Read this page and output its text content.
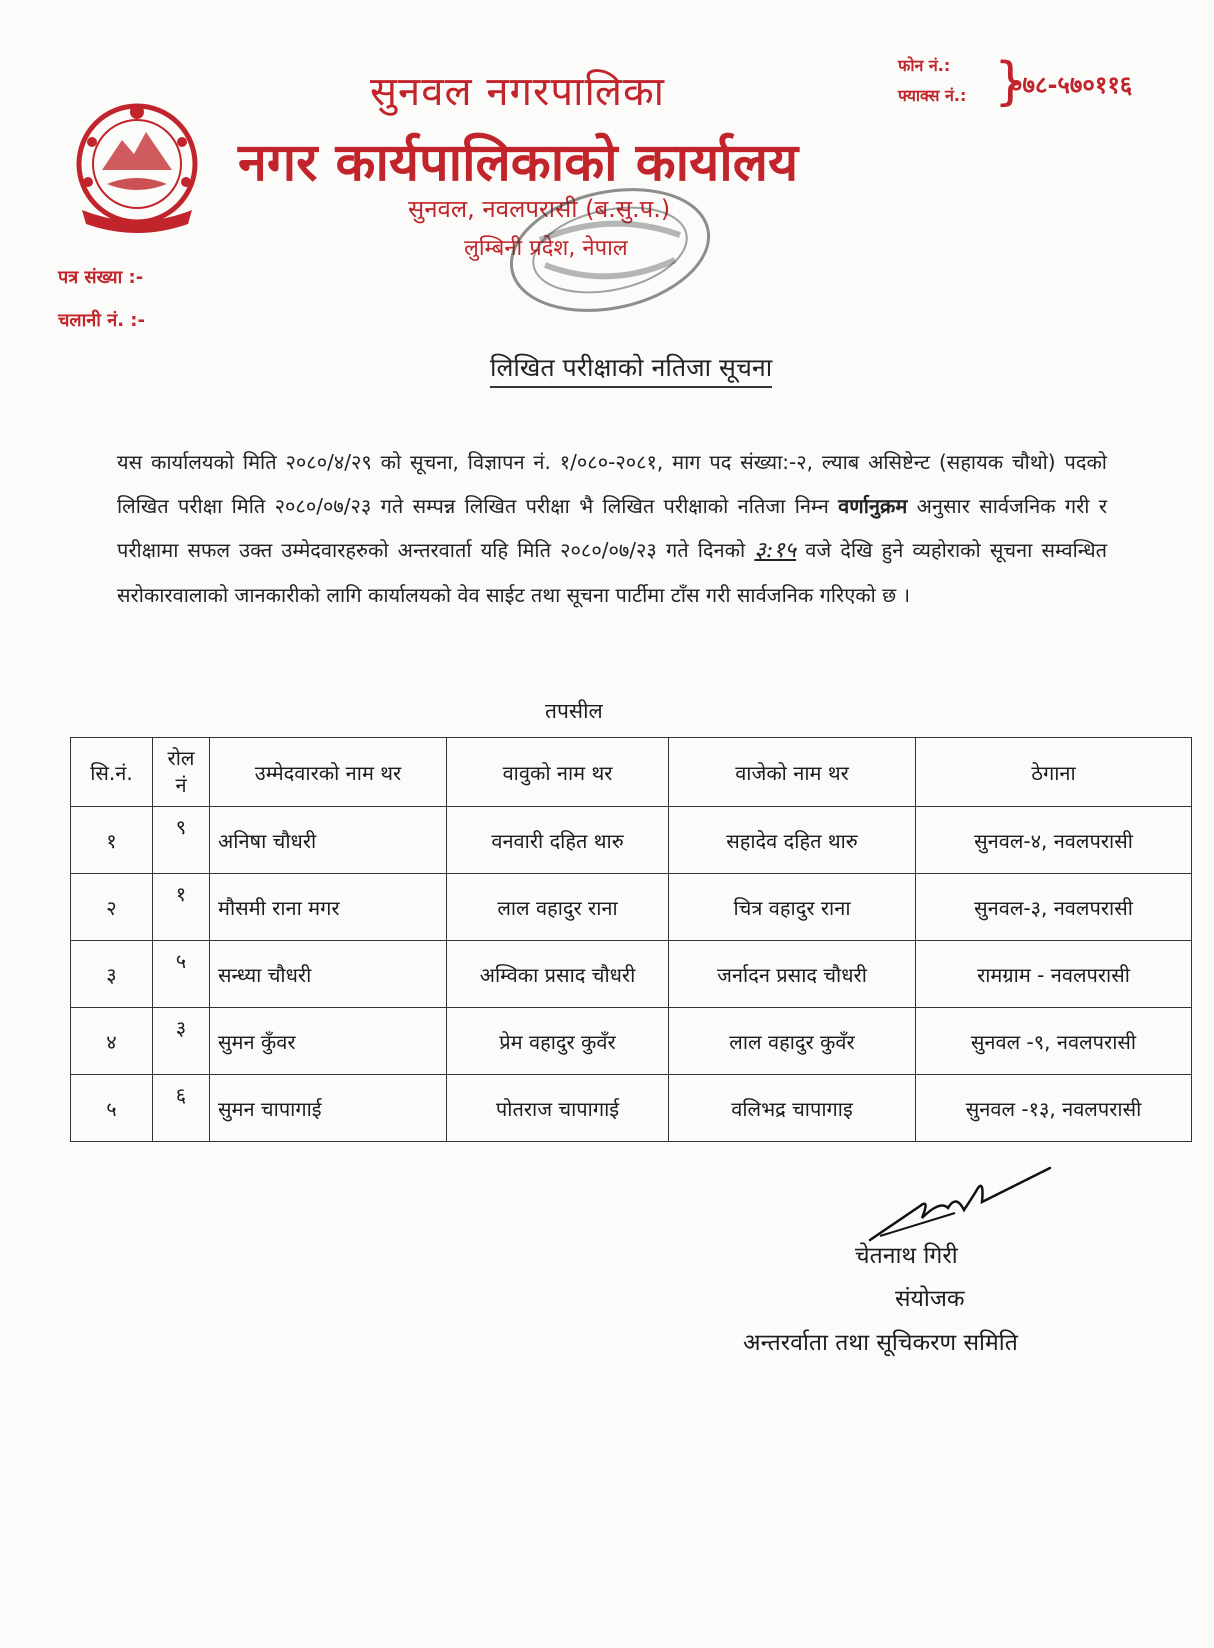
सुनवल नगरपालिका
नगर कार्यपालिकाको कार्यालय
सुनवल, नवलपरासी (ब.सु.प.)
लुम्बिनी प्रदेश, नेपाल
फोन नं.:
फ्याक्स नं.: }
०७८-५७०११६
पत्र संख्या :-
चलानी नं. :-
लिखित परीक्षाको नतिजा सूचना
यस कार्यालयको मिति २०८०/४/२९ को सूचना, विज्ञापन नं. १/०८०-२०८१, माग पद संख्या:-२, ल्याब असिष्टेन्ट (सहायक चौथो) पदको लिखित परीक्षा मिति २०८०/०७/२३ गते सम्पन्न लिखित परीक्षा भै लिखित परीक्षाको नतिजा निम्न वर्णानुक्रम अनुसार सार्वजनिक गरी र परीक्षामा सफल उक्त उम्मेदवारहरुको अन्तरवार्ता यहि मिति २०८०/०७/२३ गते दिनको ३:१५ वजे देखि हुने व्यहोराको सूचना सम्वन्धित सरोकारवालाको जानकारीको लागि कार्यालयको वेव साईट तथा सूचना पार्टीमा टाँस गरी सार्वजनिक गरिएको छ ।
तपसील
सि.नं.	रोल नं	उम्मेदवारको नाम थर	वावुको नाम थर	वाजेको नाम थर	ठेगाना
१	९	अनिषा चौधरी	वनवारी दहित थारु	सहादेव दहित थारु	सुनवल-४, नवलपरासी
२	१	मौसमी राना मगर	लाल वहादुर राना	चित्र वहादुर राना	सुनवल-३, नवलपरासी
३	५	सन्ध्या चौधरी	अम्विका प्रसाद चौधरी	जर्नादन प्रसाद चौधरी	रामग्राम - नवलपरासी
४	३	सुमन कुँवर	प्रेम वहादुर कुवँर	लाल वहादुर कुवँर	सुनवल -९, नवलपरासी
५	६	सुमन चापागाई	पोतराज चापागाई	वलिभद्र चापागाइ	सुनवल -१३, नवलपरासी
चेतनाथ गिरी
संयोजक
अन्तरर्वाता तथा सूचिकरण समिति
